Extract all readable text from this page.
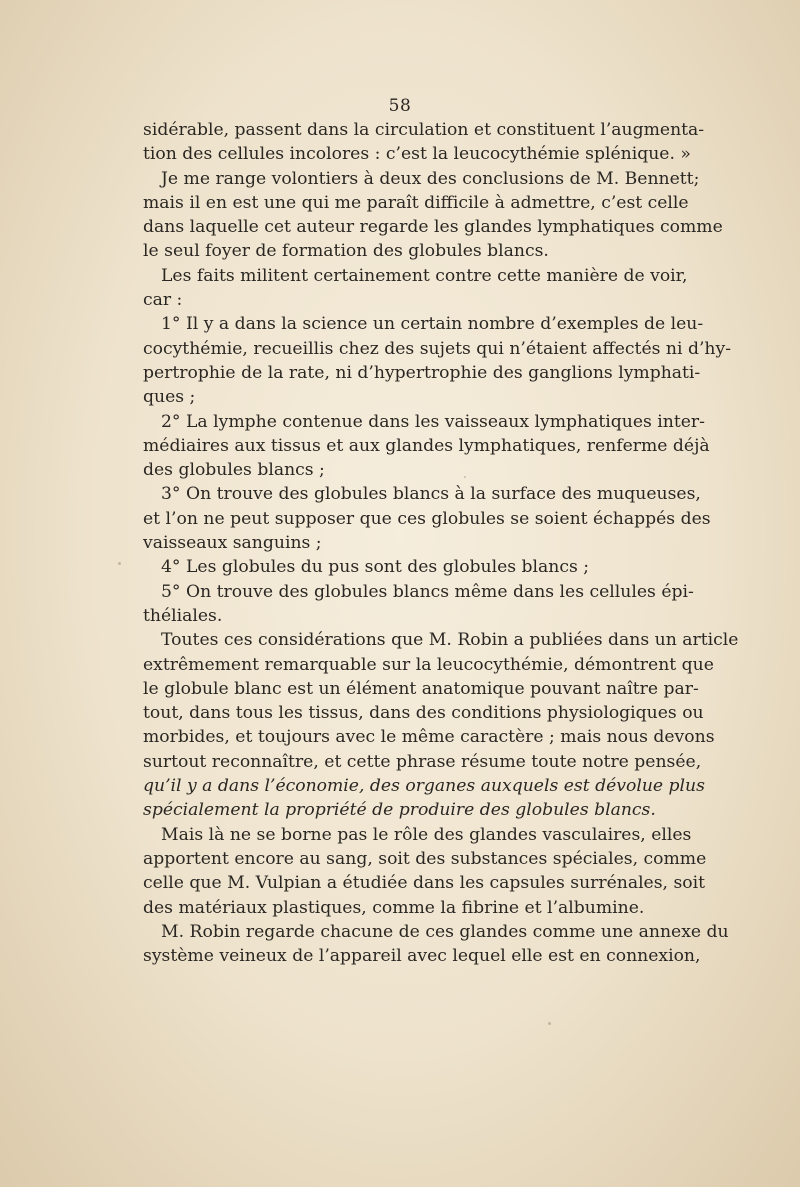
58
sidérable, passent dans la circulation et constituent l’augmenta-
tion des cellules incolores : c’est la leucocythémie splénique. »
Je me range volontiers à deux des conclusions de M. Bennett;
mais il en est une qui me paraît difficile à admettre, c’est celle
dans laquelle cet auteur regarde les glandes lymphatiques comme
le seul foyer de formation des globules blancs.
Les faits militent certainement contre cette manière de voir,
car :
1° Il y a dans la science un certain nombre d’exemples de leu-
cocythémie, recueillis chez des sujets qui n’étaient affectés ni d’hy-
pertrophie de la rate, ni d’hypertrophie des ganglions lymphati-
ques ;
2° La lymphe contenue dans les vaisseaux lymphatiques inter-
médiaires aux tissus et aux glandes lymphatiques, renferme déjà
des globules blancs ;
3° On trouve des globules blancs à la surface des muqueuses,
et l’on ne peut supposer que ces globules se soient échappés des
vaisseaux sanguins ;
4° Les globules du pus sont des globules blancs ;
5° On trouve des globules blancs même dans les cellules épi-
théliales.
Toutes ces considérations que M. Robin a publiées dans un article
extrêmement remarquable sur la leucocythémie, démontrent que
le globule blanc est un élément anatomique pouvant naître par-
tout, dans tous les tissus, dans des conditions physiologiques ou
morbides, et toujours avec le même caractère ; mais nous devons
surtout reconnaître, et cette phrase résume toute notre pensée,
qu’il y a dans l’économie, des organes auxquels est dévolue plus
spécialement la propriété de produire des globules blancs.
Mais là ne se borne pas le rôle des glandes vasculaires, elles
apportent encore au sang, soit des substances spéciales, comme
celle que M. Vulpian a étudiée dans les capsules surrénales, soit
des matériaux plastiques, comme la fibrine et l’albumine.
M. Robin regarde chacune de ces glandes comme une annexe du
système veineux de l’appareil avec lequel elle est en connexion,
